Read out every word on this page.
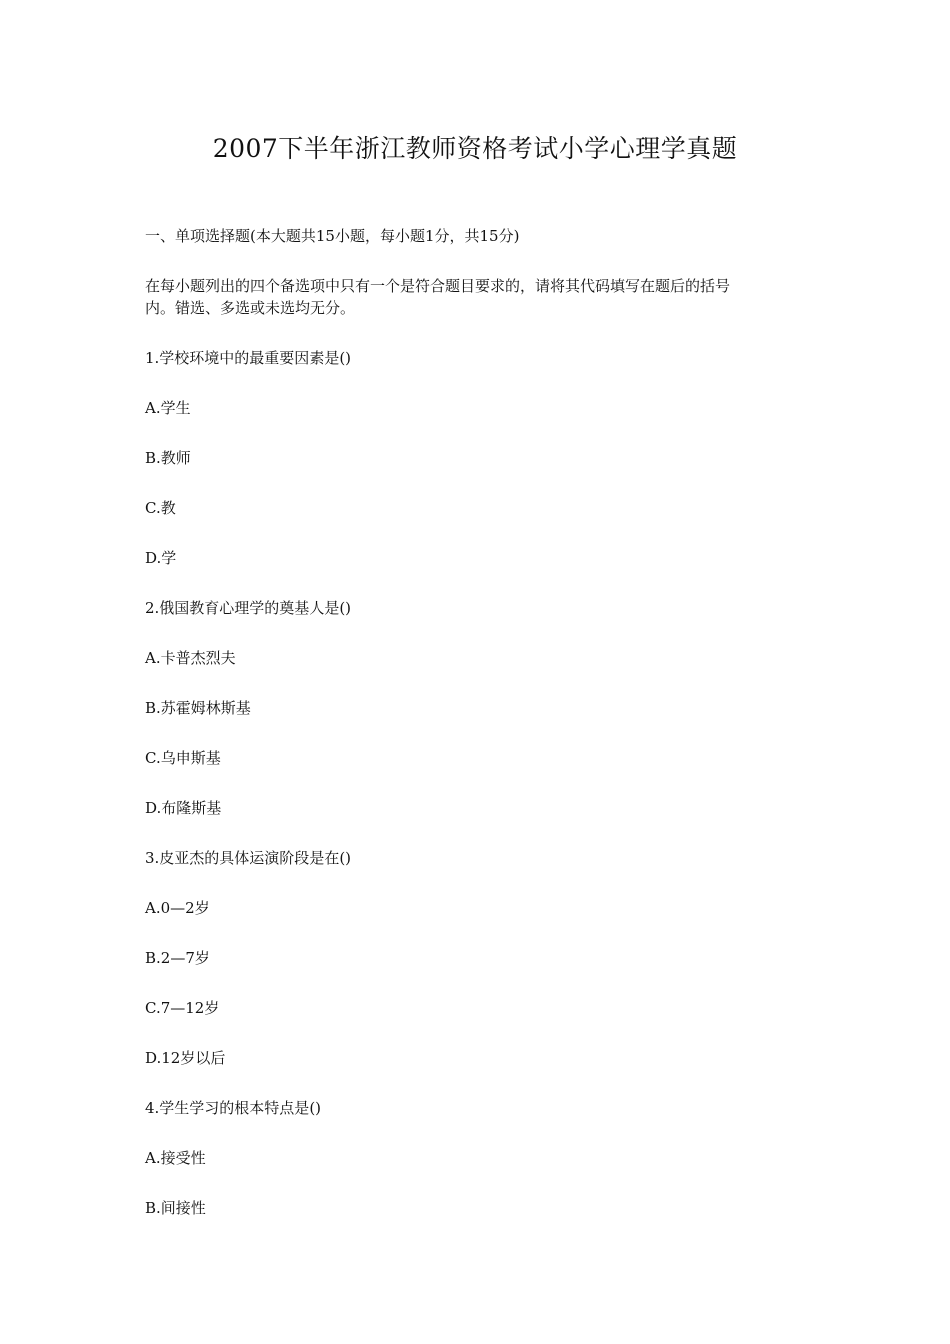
2007下半年浙江教师资格考试小学心理学真题

一、单项选择题(本大题共15小题，每小题1分，共15分)

在每小题列出的四个备选项中只有一个是符合题目要求的，请将其代码填写在题后的括号
内。错选、多选或未选均无分。

1.学校环境中的最重要因素是()

A.学生

B.教师

C.教

D.学

2.俄国教育心理学的奠基人是()

A.卡普杰烈夫

B.苏霍姆林斯基

C.乌申斯基

D.布隆斯基

3.皮亚杰的具体运演阶段是在()

A.0—2岁

B.2—7岁

C.7—12岁

D.12岁以后

4.学生学习的根本特点是()

A.接受性

B.间接性
